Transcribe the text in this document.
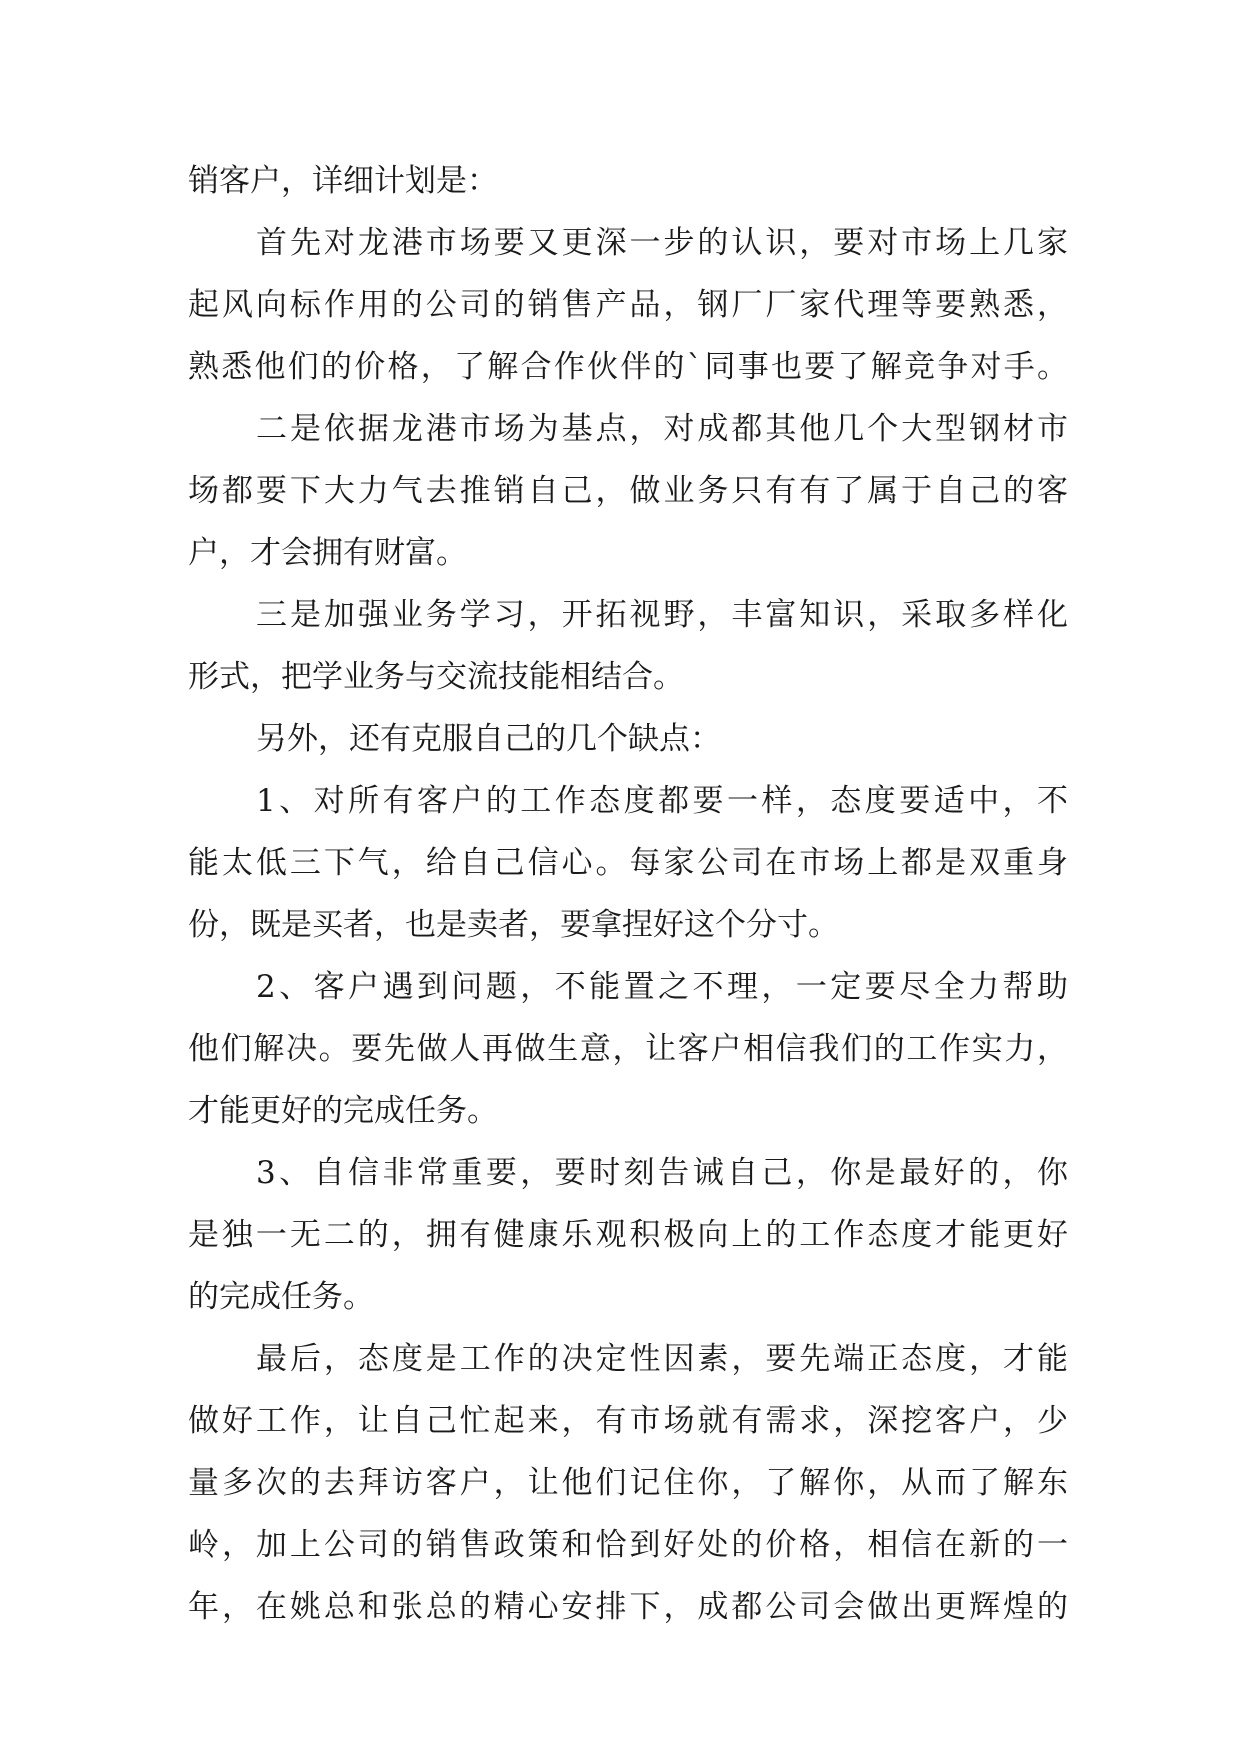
销客户，详细计划是：
首先对龙港市场要又更深一步的认识，要对市场上几家
起风向标作用的公司的销售产品，钢厂厂家代理等要熟悉，
熟悉他们的价格，了解合作伙伴的`同事也要了解竞争对手。
二是依据龙港市场为基点，对成都其他几个大型钢材市
场都要下大力气去推销自己，做业务只有有了属于自己的客
户，才会拥有财富。
三是加强业务学习，开拓视野，丰富知识，采取多样化
形式，把学业务与交流技能相结合。
另外，还有克服自己的几个缺点：
1、对所有客户的工作态度都要一样，态度要适中，不
能太低三下气，给自己信心。每家公司在市场上都是双重身
份，既是买者，也是卖者，要拿捏好这个分寸。
2、客户遇到问题，不能置之不理，一定要尽全力帮助
他们解决。要先做人再做生意，让客户相信我们的工作实力，
才能更好的完成任务。
3、自信非常重要，要时刻告诫自己，你是最好的，你
是独一无二的，拥有健康乐观积极向上的工作态度才能更好
的完成任务。
最后，态度是工作的决定性因素，要先端正态度，才能
做好工作，让自己忙起来，有市场就有需求，深挖客户，少
量多次的去拜访客户，让他们记住你，了解你，从而了解东
岭，加上公司的销售政策和恰到好处的价格，相信在新的一
年，在姚总和张总的精心安排下，成都公司会做出更辉煌的
